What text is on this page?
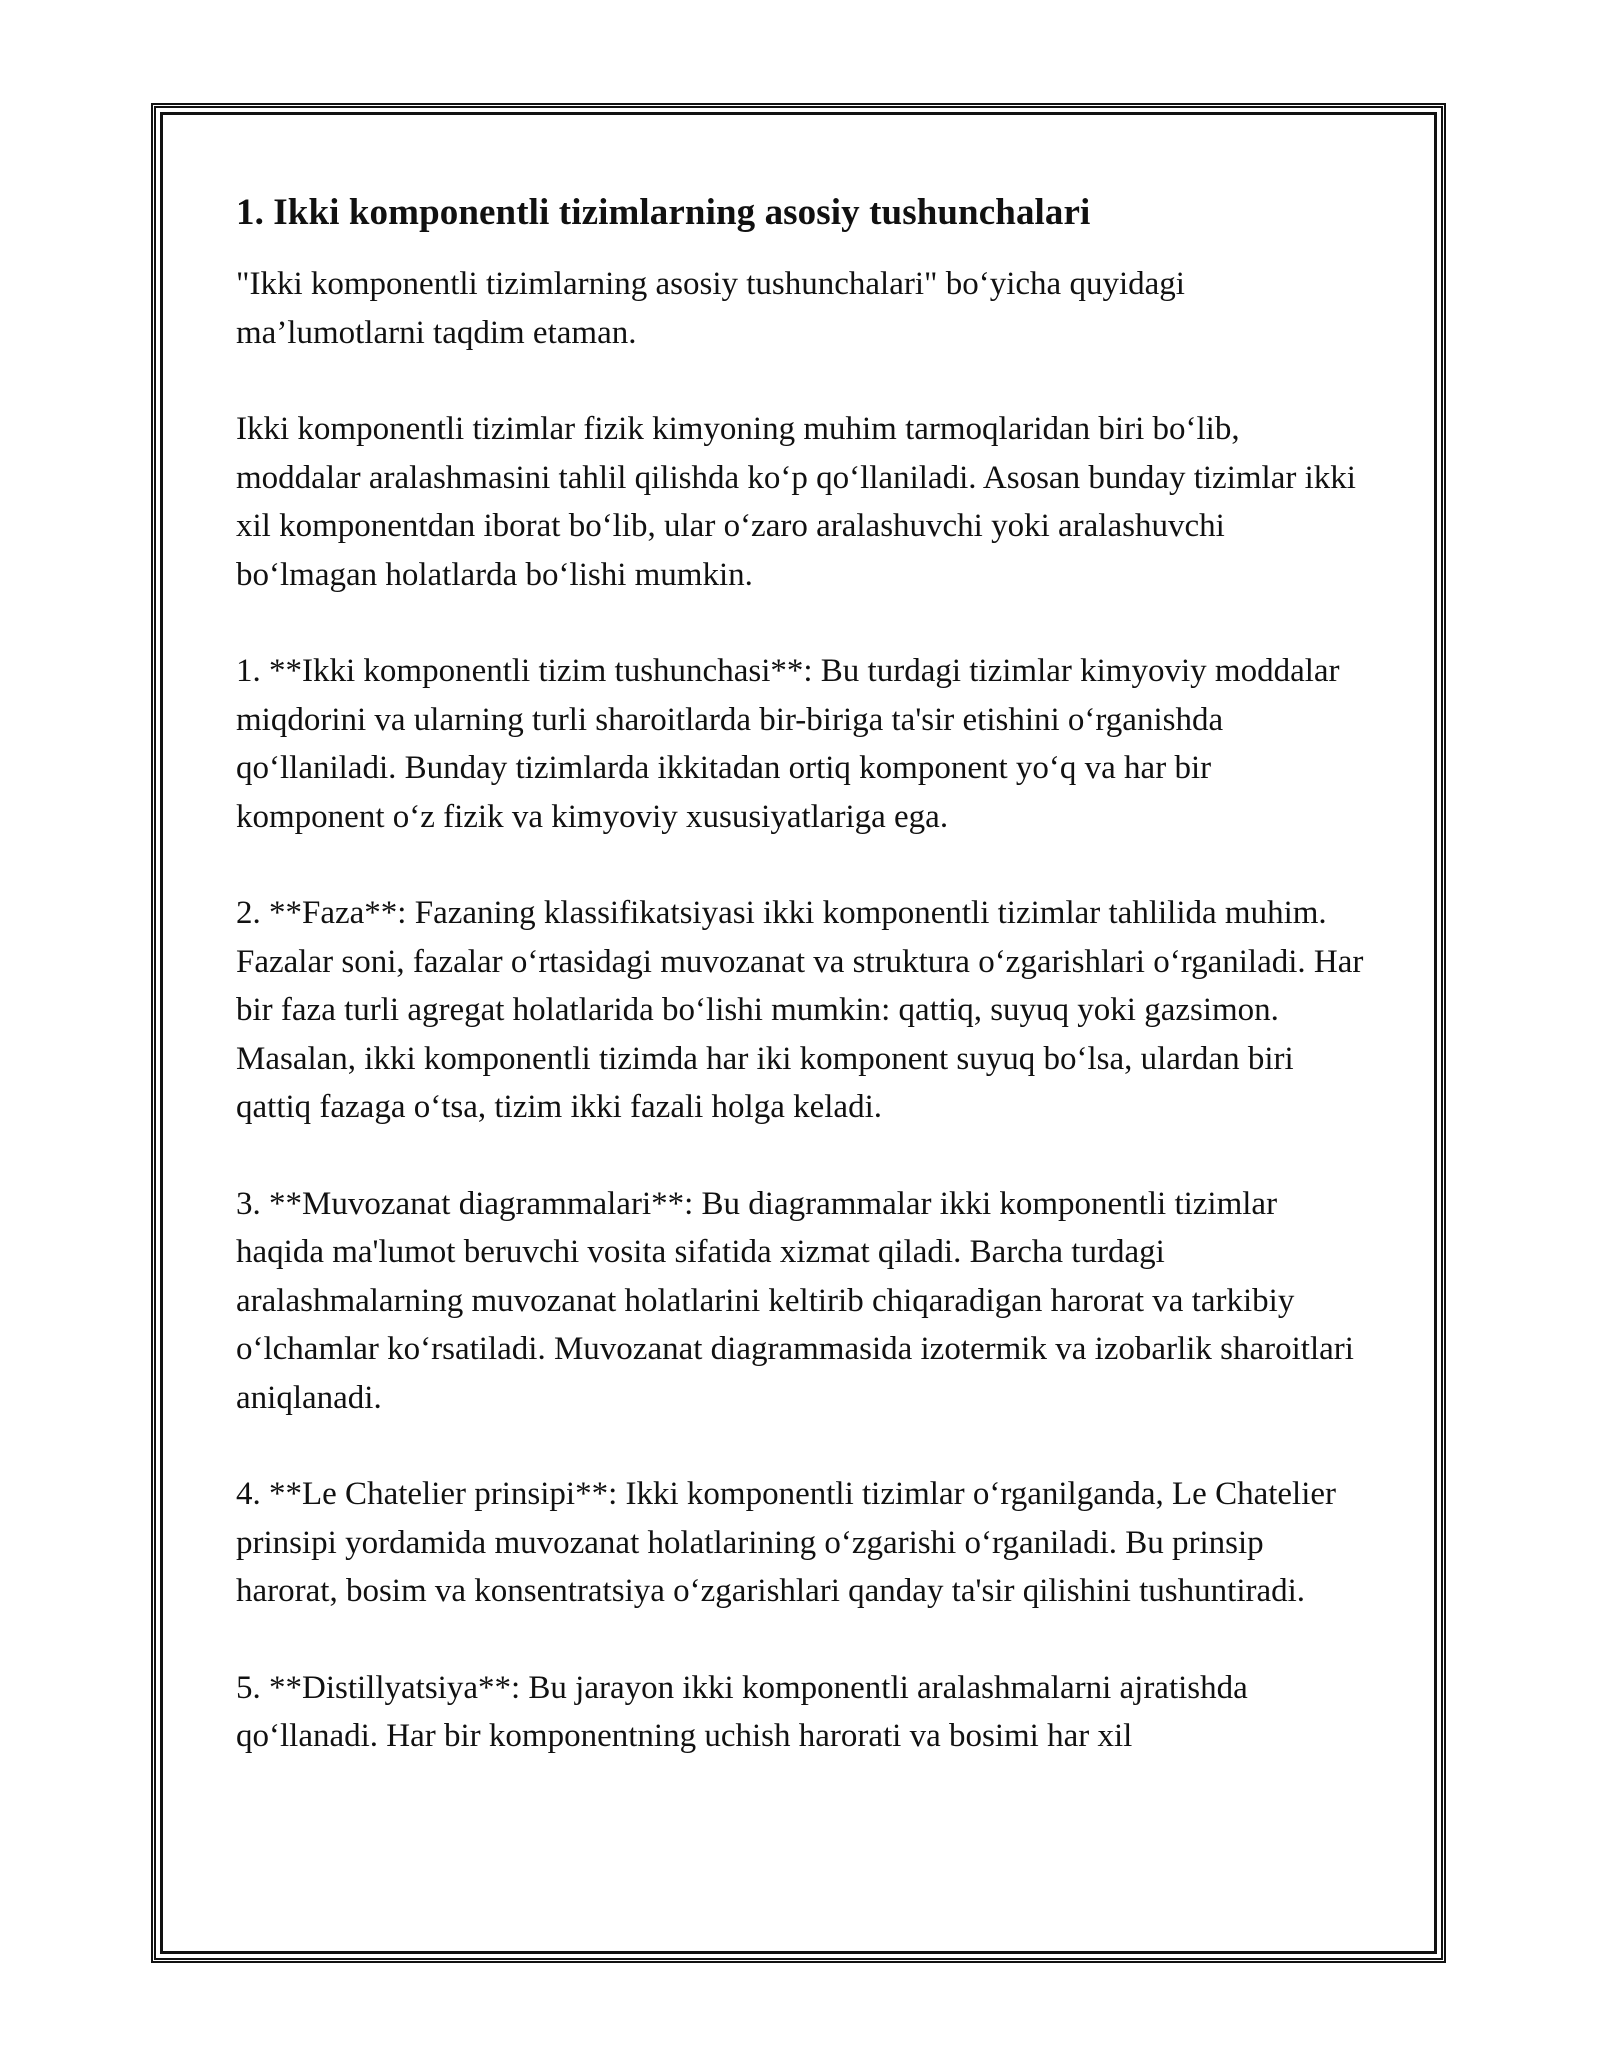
1. Ikki komponentli tizimlarning asosiy tushunchalari

"Ikki komponentli tizimlarning asosiy tushunchalari" bo‘yicha quyidagi ma’lumotlarni taqdim etaman.

Ikki komponentli tizimlar fizik kimyoning muhim tarmoqlaridan biri bo‘lib, moddalar aralashmasini tahlil qilishda ko‘p qo‘llaniladi. Asosan bunday tizimlar ikki xil komponentdan iborat bo‘lib, ular o‘zaro aralashuvchi yoki aralashuvchi bo‘lmagan holatlarda bo‘lishi mumkin.

1. **Ikki komponentli tizim tushunchasi**: Bu turdagi tizimlar kimyoviy moddalar miqdorini va ularning turli sharoitlarda bir-biriga ta'sir etishini o‘rganishda qo‘llaniladi. Bunday tizimlarda ikkitadan ortiq komponent yo‘q va har bir komponent o‘z fizik va kimyoviy xususiyatlariga ega.

2. **Faza**: Fazaning klassifikatsiyasi ikki komponentli tizimlar tahlilida muhim. Fazalar soni, fazalar o‘rtasidagi muvozanat va struktura o‘zgarishlari o‘rganiladi. Har bir faza turli agregat holatlarida bo‘lishi mumkin: qattiq, suyuq yoki gazsimon. Masalan, ikki komponentli tizimda har iki komponent suyuq bo‘lsa, ulardan biri qattiq fazaga o‘tsa, tizim ikki fazali holga keladi.

3. **Muvozanat diagrammalari**: Bu diagrammalar ikki komponentli tizimlar haqida ma'lumot beruvchi vosita sifatida xizmat qiladi. Barcha turdagi aralashmalarning muvozanat holatlarini keltirib chiqaradigan harorat va tarkibiy o‘lchamlar ko‘rsatiladi. Muvozanat diagrammasida izotermik va izobarlik sharoitlari aniqlanadi.

4. **Le Chatelier prinsipi**: Ikki komponentli tizimlar o‘rganilganda, Le Chatelier prinsipi yordamida muvozanat holatlarining o‘zgarishi o‘rganiladi. Bu prinsip harorat, bosim va konsentratsiya o‘zgarishlari qanday ta'sir qilishini tushuntiradi.

5. **Distillyatsiya**: Bu jarayon ikki komponentli aralashmalarni ajratishda qo‘llanadi. Har bir komponentning uchish harorati va bosimi har xil
